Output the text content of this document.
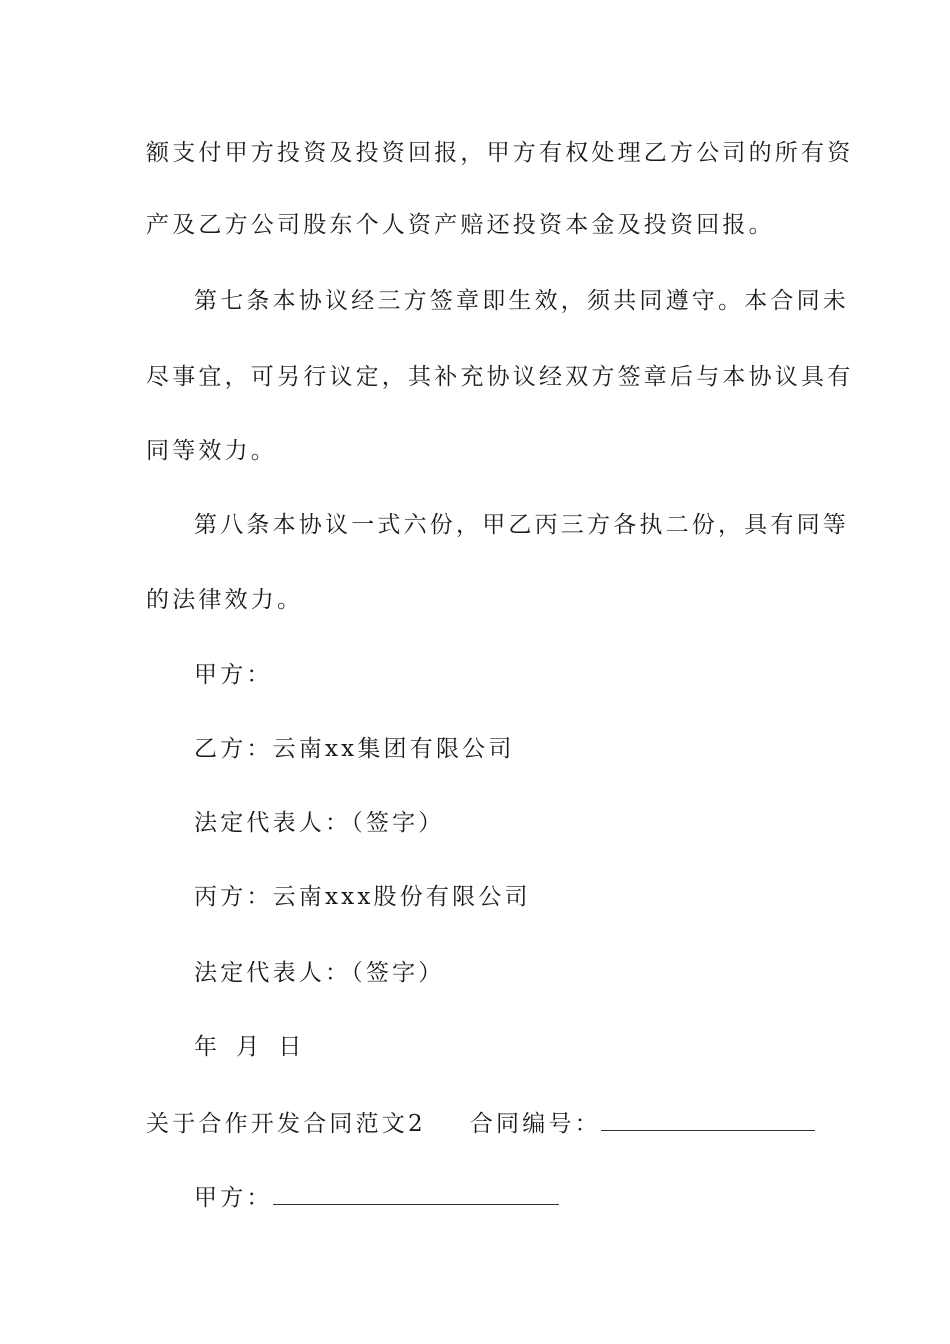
额支付甲方投资及投资回报，甲方有权处理乙方公司的所有资
产及乙方公司股东个人资产赔还投资本金及投资回报。
第七条本协议经三方签章即生效，须共同遵守。本合同未
尽事宜，可另行议定，其补充协议经双方签章后与本协议具有
同等效力。
第八条本协议一式六份，甲乙丙三方各执二份，具有同等
的法律效力。
甲方：
乙方：云南xx集团有限公司
法定代表人：（签字）
丙方：云南xxx股份有限公司
法定代表人：（签字）
年 月 日
关于合作开发合同范文2 合同编号：
甲方：
